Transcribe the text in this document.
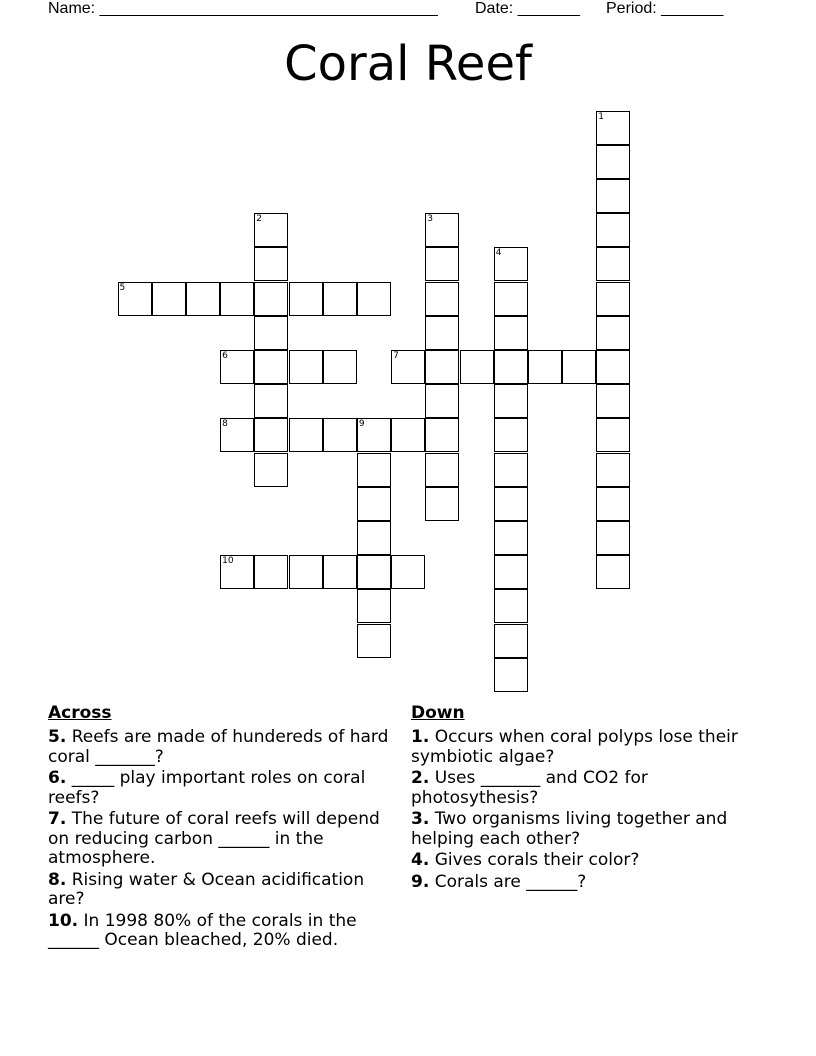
Name: ______________________________________ Date: _______ Period: _______
Coral Reef
1
2	3
4
5
6	7
8	9
10
Across
5. Reefs are made of hundereds of hard coral _______?
6. _____ play important roles on coral reefs?
7. The future of coral reefs will depend on reducing carbon ______ in the atmosphere.
8. Rising water & Ocean acidification are?
10. In 1998 80% of the corals in the ______ Ocean bleached, 20% died.
Down
1. Occurs when coral polyps lose their symbiotic algae?
2. Uses _______ and CO2 for photosythesis?
3. Two organisms living together and helping each other?
4. Gives corals their color?
9. Corals are ______?
